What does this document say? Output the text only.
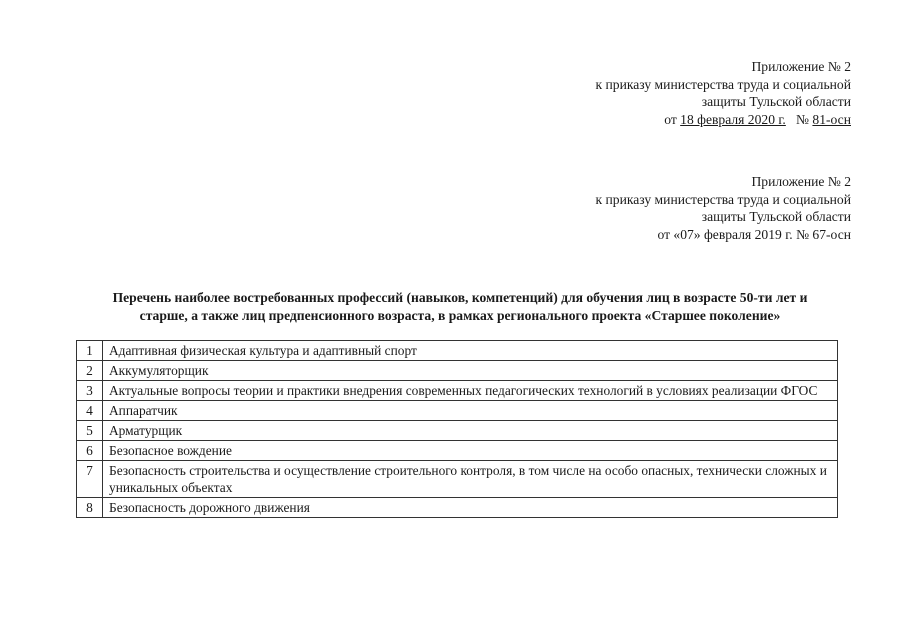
Приложение № 2
к приказу министерства труда и социальной
защиты Тульской области
от 18 февраля 2020 г. № 81-осн
Приложение № 2
к приказу министерства труда и социальной
защиты Тульской области
от «07» февраля 2019 г. № 67-осн
Перечень наиболее востребованных профессий (навыков, компетенций) для обучения лиц в возрасте 50-ти лет и
старше, а также лиц предпенсионного возраста, в рамках регионального проекта «Старшее поколение»
1	Адаптивная физическая культура и адаптивный спорт
2	Аккумуляторщик
3	Актуальные вопросы теории и практики внедрения современных педагогических технологий в условиях реализации ФГОС
4	Аппаратчик
5	Арматурщик
6	Безопасное вождение
7	Безопасность строительства и осуществление строительного контроля, в том числе на особо опасных, технически сложных и уникальных объектах
8	Безопасность дорожного движения
